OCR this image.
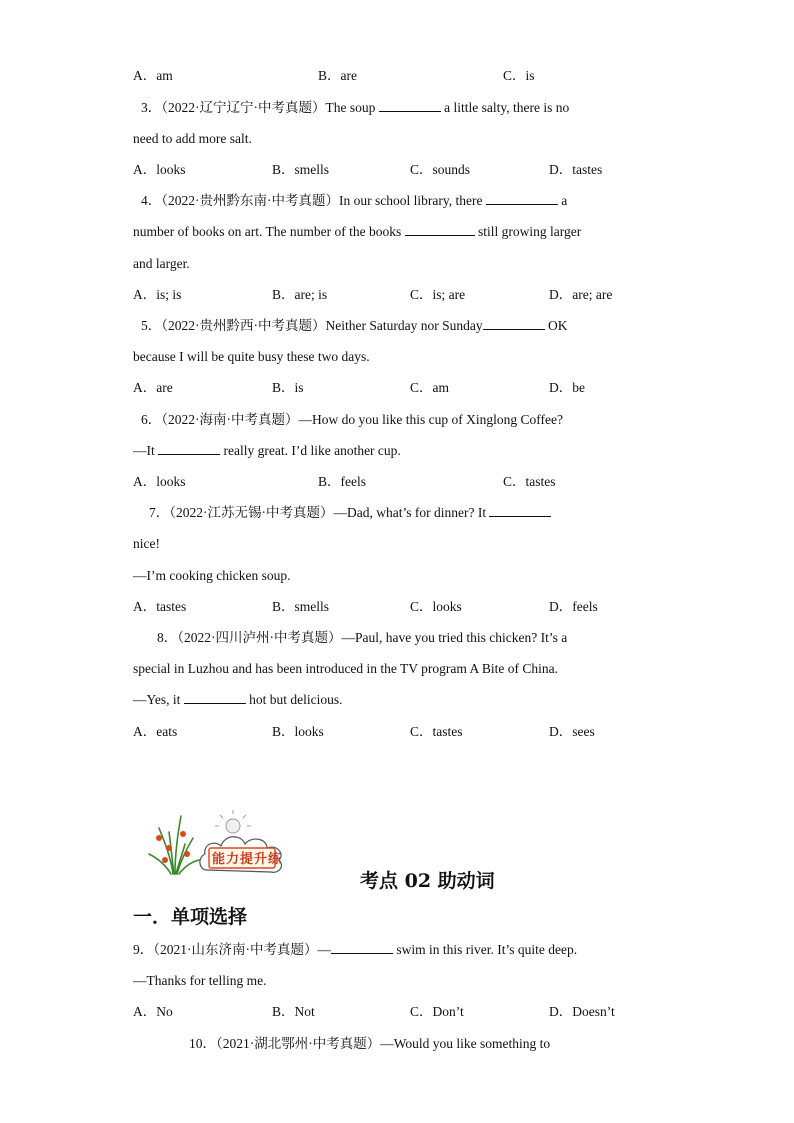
A．am	B．are	C．is
3．（2022·辽宁辽宁·中考真题）The soup	a little salty, there is no
need to add more salt.
A．looks	B．smells	C．sounds	D．tastes
4．（2022·贵州黔东南·中考真题）In our school library, there	a
number of books on art. The number of the books	still growing larger
and larger.
A．is; is	B．are; is	C．is; are	D．are; are
5．（2022·贵州黔西·中考真题）Neither Saturday nor Sunday	OK
because I will be quite busy these two days.
A．are	B．is	C．am	D．be
6．（2022·海南·中考真题）—How do you like this cup of Xinglong Coffee?
—It	really great. I’d like another cup.
A．looks	B．feels	C．tastes
7．（2022·江苏无锡·中考真题）—Dad, what’s for dinner? It
nice!
—I’m cooking chicken soup.
A．tastes	B．smells	C．looks	D．feels
8．（2022·四川泸州·中考真题）—Paul, have you tried this chicken? It’s a
special in Luzhou and has been introduced in the TV program A Bite of China.
—Yes, it	hot but delicious.
A．eats	B．looks	C．tastes	D．sees
能力提升练
考点 02 助动词
一．单项选择
9．（2021·山东济南·中考真题）—	swim in this river. It’s quite deep.
—Thanks for telling me.
A．No	B．Not	C．Don’t	D．Doesn’t
10．（2021·湖北鄂州·中考真题）—Would you like something to
